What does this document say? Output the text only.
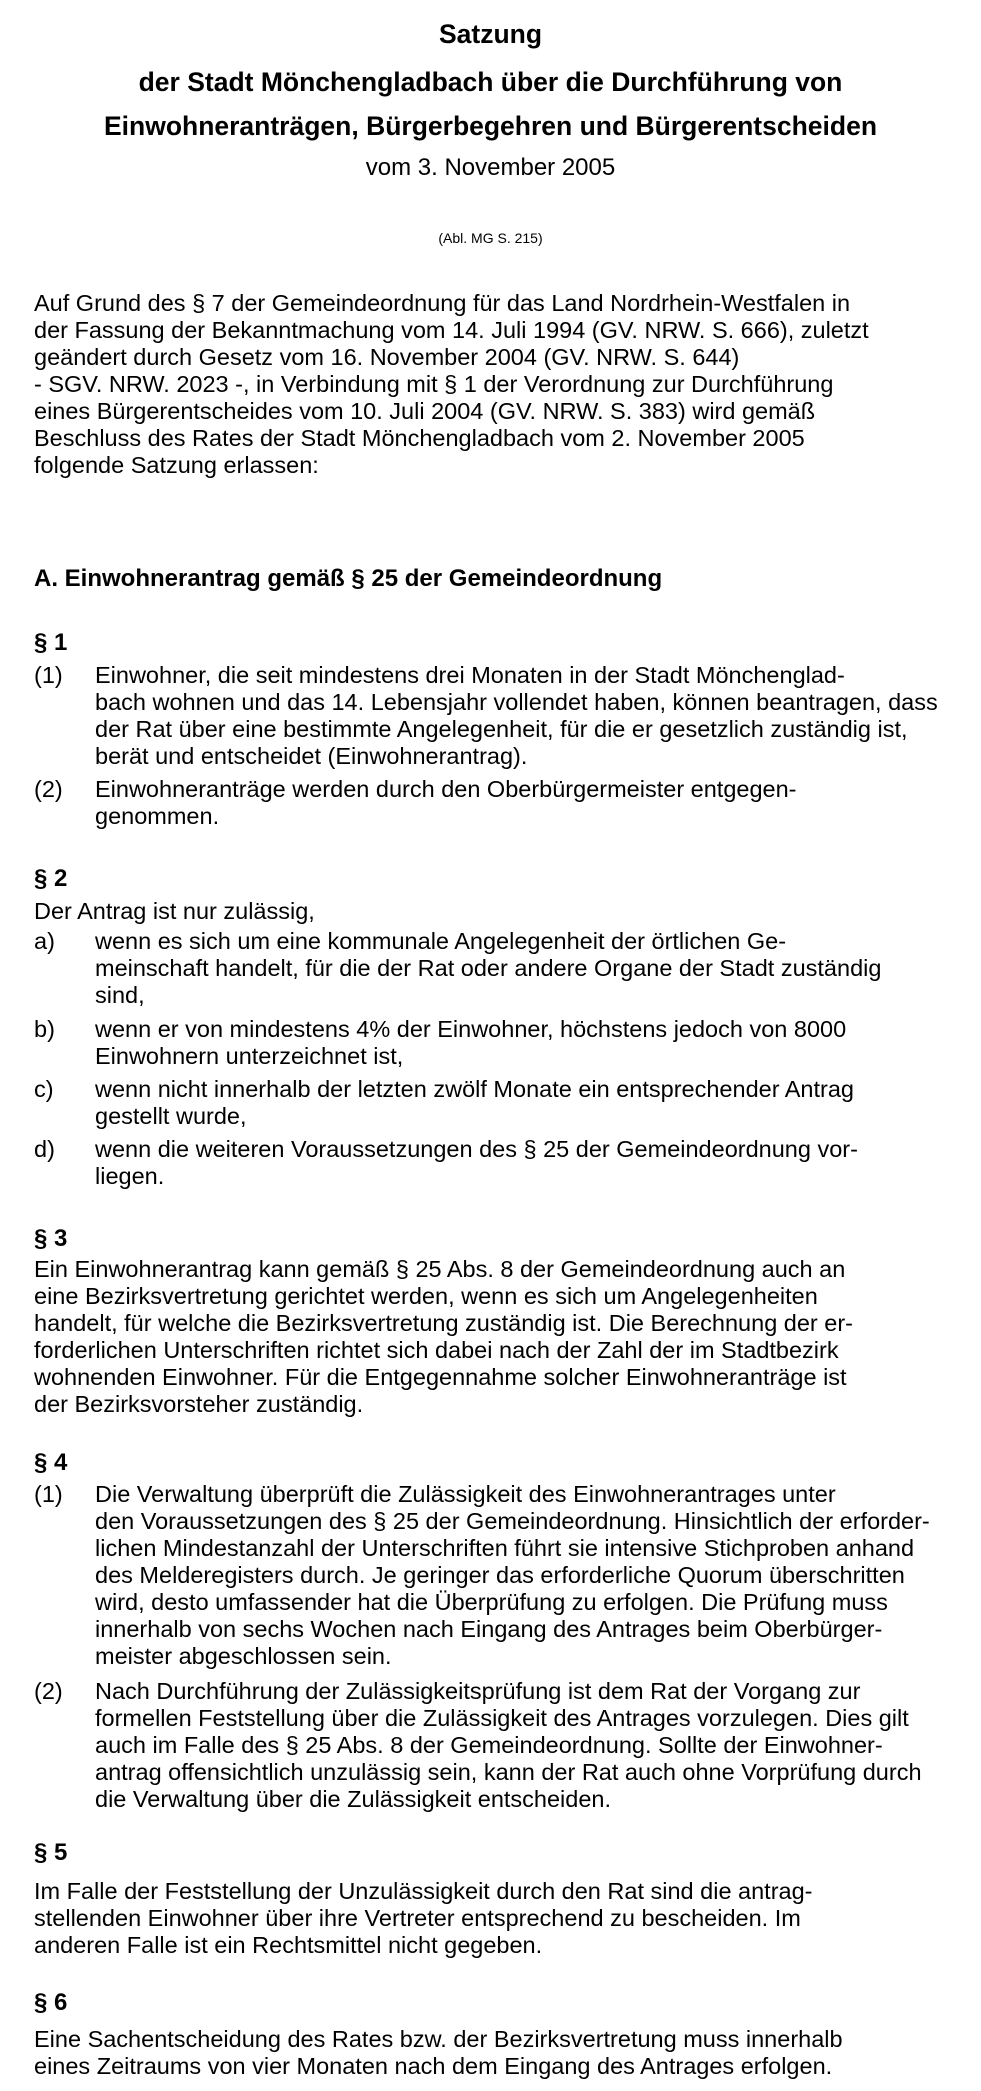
Satzung
der Stadt Mönchengladbach über die Durchführung von
Einwohneranträgen, Bürgerbegehren und Bürgerentscheiden
vom 3. November 2005
(Abl. MG S. 215)
Auf Grund des § 7 der Gemeindeordnung für das Land Nordrhein-Westfalen in
der Fassung der Bekanntmachung vom 14. Juli 1994 (GV. NRW. S. 666), zuletzt
geändert durch Gesetz vom 16. November 2004 (GV. NRW. S. 644)
- SGV. NRW. 2023 -, in Verbindung mit § 1 der Verordnung zur Durchführung
eines Bürgerentscheides vom 10. Juli 2004 (GV. NRW. S. 383) wird gemäß
Beschluss des Rates der Stadt Mönchengladbach vom 2. November 2005
folgende Satzung erlassen:
A. Einwohnerantrag gemäß § 25 der Gemeindeordnung
§ 1
(1)	Einwohner, die seit mindestens drei Monaten in der Stadt Mönchenglad-
bach wohnen und das 14. Lebensjahr vollendet haben, können beantragen, dass
der Rat über eine bestimmte Angelegenheit, für die er gesetzlich zuständig ist,
berät und entscheidet (Einwohnerantrag).
(2)	Einwohneranträge werden durch den Oberbürgermeister entgegen-
genommen.
§ 2
Der Antrag ist nur zulässig,
a)	wenn es sich um eine kommunale Angelegenheit der örtlichen Ge-
meinschaft handelt, für die der Rat oder andere Organe der Stadt zuständig
sind,
b)	wenn er von mindestens 4% der Einwohner, höchstens jedoch von 8000
Einwohnern unterzeichnet ist,
c)	wenn nicht innerhalb der letzten zwölf Monate ein entsprechender Antrag
gestellt wurde,
d)	wenn die weiteren Voraussetzungen des § 25 der Gemeindeordnung vor-
liegen.
§ 3
Ein Einwohnerantrag kann gemäß § 25 Abs. 8 der Gemeindeordnung auch an
eine Bezirksvertretung gerichtet werden, wenn es sich um Angelegenheiten
handelt, für welche die Bezirksvertretung zuständig ist. Die Berechnung der er-
forderlichen Unterschriften richtet sich dabei nach der Zahl der im Stadtbezirk
wohnenden Einwohner. Für die Entgegennahme solcher Einwohneranträge ist
der Bezirksvorsteher zuständig.
§ 4
(1)	Die Verwaltung überprüft die Zulässigkeit des Einwohnerantrages unter
den Voraussetzungen des § 25 der Gemeindeordnung. Hinsichtlich der erforder-
lichen Mindestanzahl der Unterschriften führt sie intensive Stichproben anhand
des Melderegisters durch. Je geringer das erforderliche Quorum überschritten
wird, desto umfassender hat die Überprüfung zu erfolgen. Die Prüfung muss
innerhalb von sechs Wochen nach Eingang des Antrages beim Oberbürger-
meister abgeschlossen sein.
(2)	Nach Durchführung der Zulässigkeitsprüfung ist dem Rat der Vorgang zur
formellen Feststellung über die Zulässigkeit des Antrages vorzulegen. Dies gilt
auch im Falle des § 25 Abs. 8 der Gemeindeordnung. Sollte der Einwohner-
antrag offensichtlich unzulässig sein, kann der Rat auch ohne Vorprüfung durch
die Verwaltung über die Zulässigkeit entscheiden.
§ 5
Im Falle der Feststellung der Unzulässigkeit durch den Rat sind die antrag-
stellenden Einwohner über ihre Vertreter entsprechend zu bescheiden. Im
anderen Falle ist ein Rechtsmittel nicht gegeben.
§ 6
Eine Sachentscheidung des Rates bzw. der Bezirksvertretung muss innerhalb
eines Zeitraums von vier Monaten nach dem Eingang des Antrages erfolgen.
